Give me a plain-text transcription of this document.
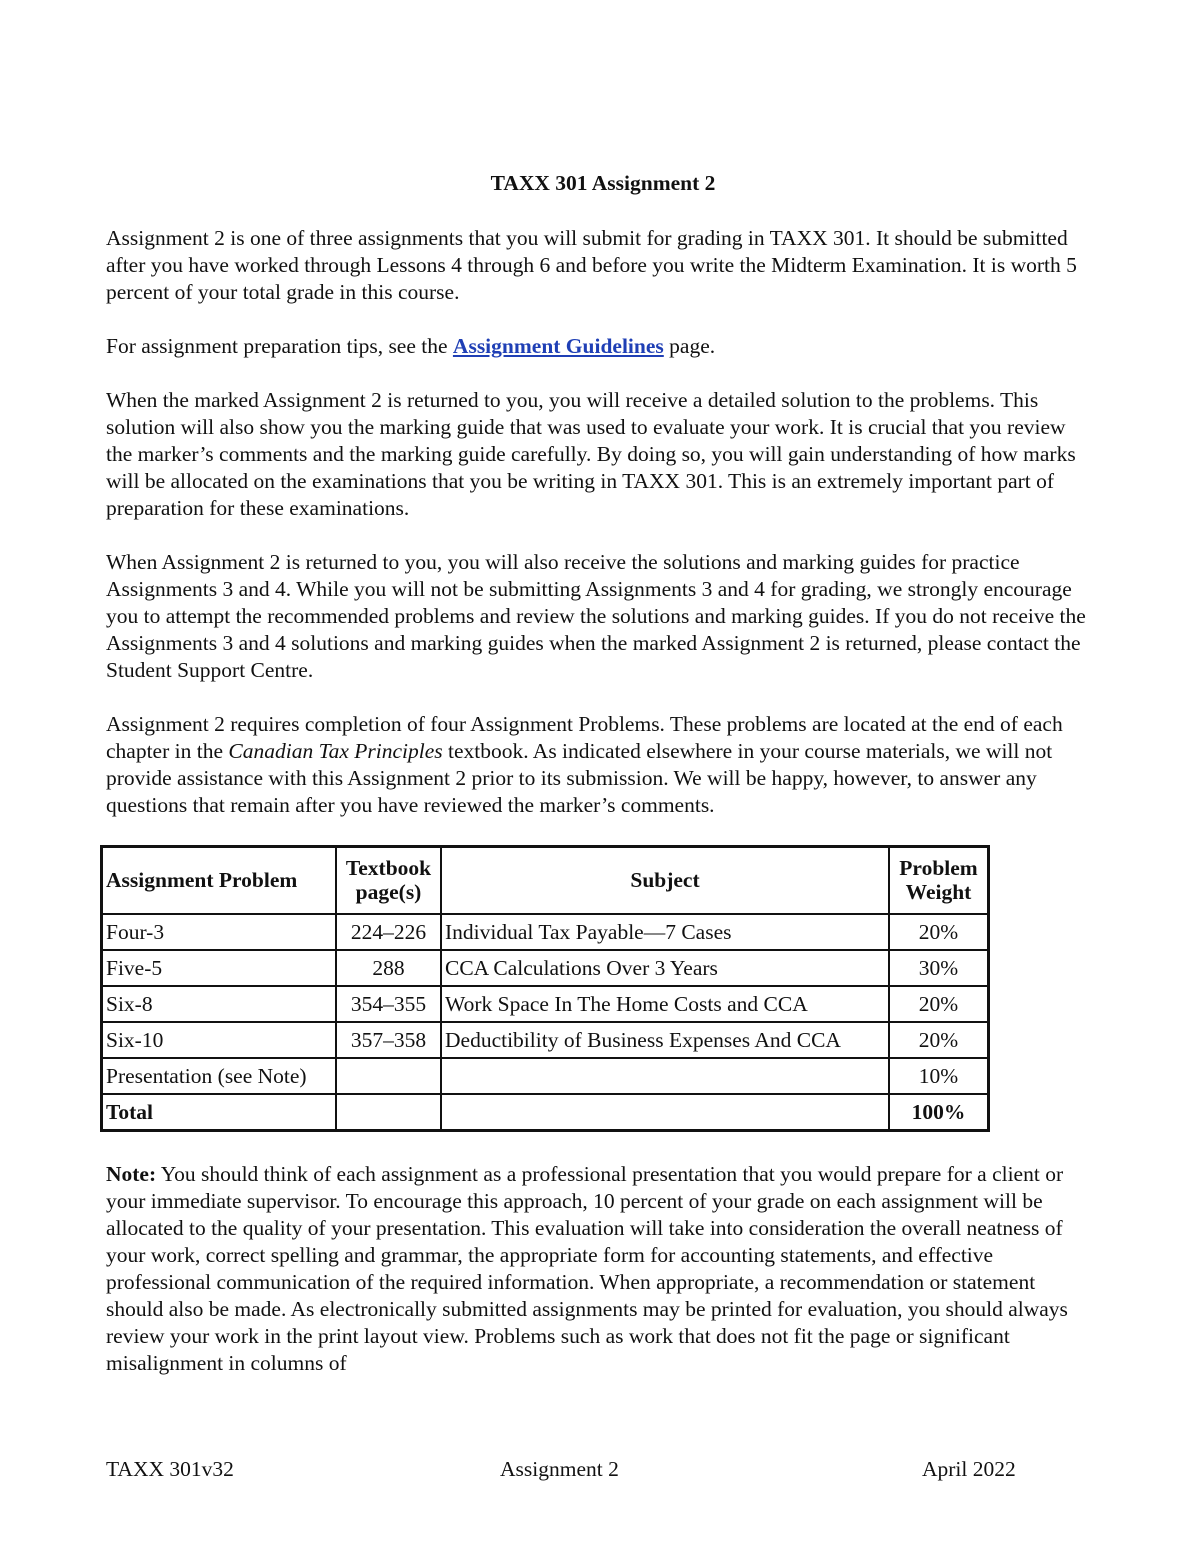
TAXX 301 Assignment 2

Assignment 2 is one of three assignments that you will submit for grading in TAXX 301. It should be submitted after you have worked through Lessons 4 through 6 and before you write the Midterm Examination. It is worth 5 percent of your total grade in this course.

For assignment preparation tips, see the Assignment Guidelines page.

When the marked Assignment 2 is returned to you, you will receive a detailed solution to the problems. This solution will also show you the marking guide that was used to evaluate your work. It is crucial that you review the marker’s comments and the marking guide carefully. By doing so, you will gain understanding of how marks will be allocated on the examinations that you be writing in TAXX 301. This is an extremely important part of preparation for these examinations.

When Assignment 2 is returned to you, you will also receive the solutions and marking guides for practice Assignments 3 and 4. While you will not be submitting Assignments 3 and 4 for grading, we strongly encourage you to attempt the recommended problems and review the solutions and marking guides. If you do not receive the Assignments 3 and 4 solutions and marking guides when the marked Assignment 2 is returned, please contact the Student Support Centre.

Assignment 2 requires completion of four Assignment Problems. These problems are located at the end of each chapter in the Canadian Tax Principles textbook. As indicated elsewhere in your course materials, we will not provide assistance with this Assignment 2 prior to its submission. We will be happy, however, to answer any questions that remain after you have reviewed the marker’s comments.

Assignment Problem	Textbook page(s)	Subject	Problem Weight
Four-3	224–226	Individual Tax Payable—7 Cases	20%
Five-5	288	CCA Calculations Over 3 Years	30%
Six-8	354–355	Work Space In The Home Costs and CCA	20%
Six-10	357–358	Deductibility of Business Expenses And CCA	20%
Presentation (see Note)			10%
Total			100%

Note: You should think of each assignment as a professional presentation that you would prepare for a client or your immediate supervisor. To encourage this approach, 10 percent of your grade on each assignment will be allocated to the quality of your presentation. This evaluation will take into consideration the overall neatness of your work, correct spelling and grammar, the appropriate form for accounting statements, and effective professional communication of the required information. When appropriate, a recommendation or statement should also be made. As electronically submitted assignments may be printed for evaluation, you should always review your work in the print layout view. Problems such as work that does not fit the page or significant misalignment in columns of

TAXX 301v32	Assignment 2	April 2022
